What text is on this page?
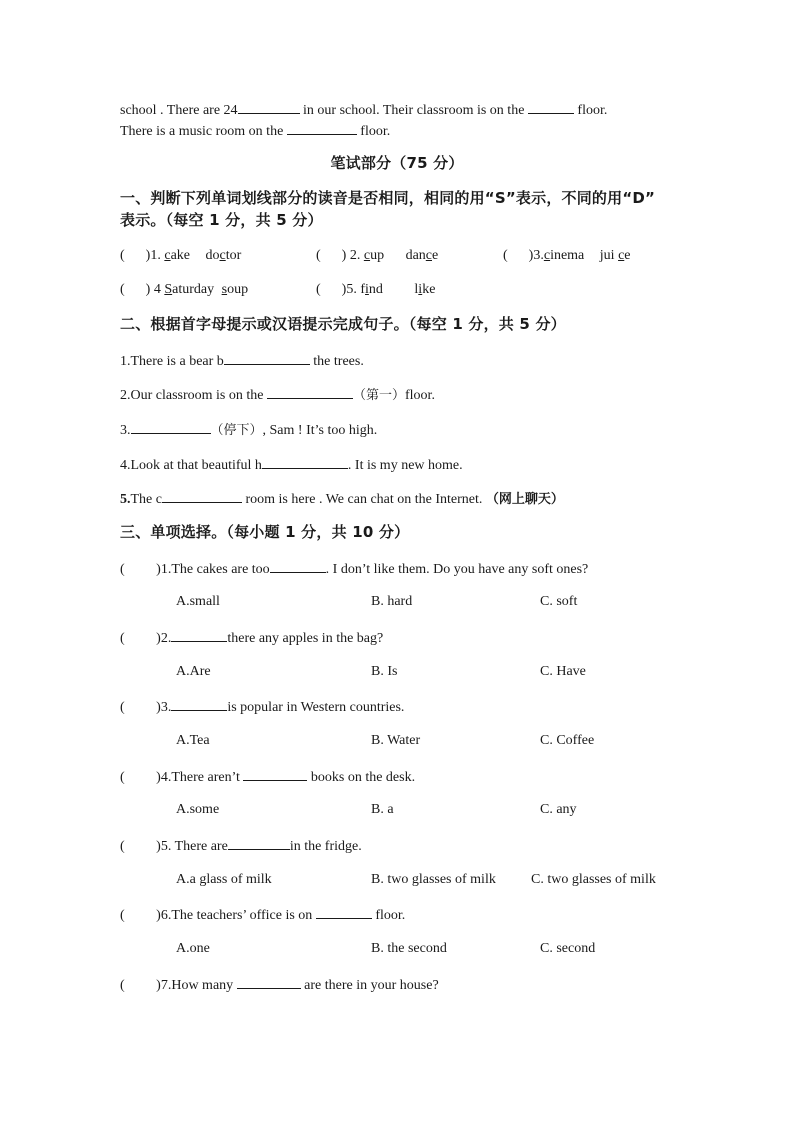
school . There are 24	in our school. Their classroom is on the	floor.
There is a music room on the	floor.
笔试部分（75 分）
一、判断下列单词划线部分的读音是否相同，相同的用“S”表示，不同的用“D”
表示。（每空 1 分，共 5 分）
(      )1. cake doctor	(      ) 2. cup dance	(      )3.cinema jui ce
(      ) 4 Saturday soup	(      )5. find like
二、根据首字母提示或汉语提示完成句子。（每空 1 分，共 5 分）
1.There is a bear b	the trees.
2.Our classroom is on the	（第一）floor.
3.	（停下）, Sam ! It’s too high.
4.Look at that beautiful h	. It is my new home.
5.The c	room is here . We can chat on the Internet. （网上聊天）
三、单项选择。（每小题 1 分，共 10 分）
(         )1.The cakes are too	. I don’t like them. Do you have any soft ones?
A.small	B. hard	C. soft
(         )2.	there any apples in the bag?
A.Are	B. Is	C. Have
(         )3.	is popular in Western countries.
A.Tea	B. Water	C. Coffee
(         )4.There aren’t	books on the desk.
A.some	B. a	C. any
(         )5. There are	in the fridge.
A.a glass of milk	B. two glasses of milk	C. two glasses of milk
(         )6.The teachers’ office is on	floor.
A.one	B. the second	C. second
(         )7.How many	are there in your house?
